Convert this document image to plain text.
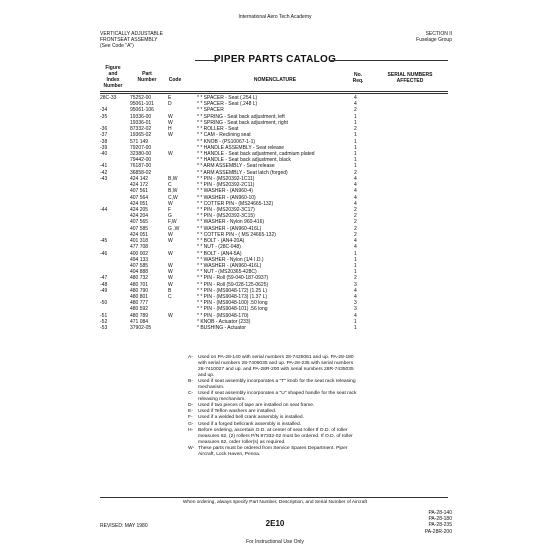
International Aero Tech Academy
VERTICALLY ADJUSTABLE
FRONTSEAT ASSEMBLY
(See Code "A")
SECTION II
Fuselage Group
PIPER PARTS CATALOG
Figure
and
Index
Number
Part
Number	Code	NOMENCLATURE
No.
Req.
SERIAL NUMBERS
AFFECTED
28C-33	75252-00	E	* * SPACER - Seat (.254 L)	4
95061-101	D	* * SPACER - Seat (.248 L)	4
-34	95061-106	* * SPACER	2
-35	19336-00	W	* * SPRING - Seat back adjustment, left	1
19336-01	W	* * SPRING - Seat back adjustment, right	1
-36	87332-02	H	* * ROLLER - Seat	2
-37	19365-02	W	* * CAM - Reclining seat	1
-38	571 149	* * KNOB - (PS10067-1-1)	1
-39	79207-00	* * HANDLE ASSEMBLY - Seat release	1
-40	32380-00	W	* * HANDLE - Seat back adjustment, cadmium plated	1
79442-00	* * HANDLE - Seat back adjustment, black	1
-41	76187-00	* * ARM ASSEMBLY - Seat release	1
-42	36858-02	* * ARM ASSEMBLY - Seat latch (forged)	2
-43	424 142	B,W	* * PIN - (MS20392-1C11)	4
424 172	C	* * PIN - (MS20392-2C11)	4
407 561	B,W	* * WASHER - (AN960-4)	4
407 564	C,W	* * WASHER - (AN960-10)	4
424 051	W	* * COTTER PIN - (MS24665-132)	4
-44	424 205	F	* * PIN - (MS20392-3C17)	2
424 204	G	* * PIN - (MS20392-3C15)	2
407 565	F,W	* * WASHER - Nylon 960-416)	2
407 585	G ,W	* * WASHER - (AN960-416L)	2
424 051	W	* * COTTER PIN - ( MS 24665-132)	2
-45	401 318	W	* * BOLT - (AN4-20A)	4
477 708	* * NUT - (28C-048)	4
-46	400 002	W	* * BOLT - (AN4-5A)	1
494 133	* * WASHER - Nylon (1/4 I.D.)	1
407 585	W	* * WASHER - (AN960-416L)	1
404 888	W	* * NUT - (MS20365-428C)	1
-47	480 732	W	* * PIN - Roll (59-040-187-0937)	2
-48	480 701	W	* * PIN - Roll (59-028-125-0625)	3
-49	480 790	B	* * PIN - (MS9048-172) (1.25 L)	4
480 801	C	* * PIN - (MS9048-173) (1.37 L)	4
-50	480 777	* * PIN - (MS9048-100) .50 long	3
480 592	* * PIN - (MS9048-101) .56 long	3
-51	480 789	W	* * PIN - (MS9048-170)	4
-52	471 084	* KNOB - Actuator (233)	1
-53	37902-05	* BUSHING - Actuator	1
A- Used on PA-28-140 with serial numbers 28-7425061 and up. PA-28-180 with serial numbers 28-7405035 and up. PA-28-235 with serial numbers 28-7410027 and up. and PA-28R-200 with serial numbers 28R-7435035 and up.
B- Used if seat assembly incorporates a "T" knob for the seat rack releasing mechanism.
C- Used if seat assembly incorporates a "U" shaped handle for the seat rack releasing mechanism.
D- Used if two pieces of tape are installed on seat frame.
E- Used if Teflon washers are installed.
F- Used if a welded bell crank assembly is installed.
G- Used if a forged bellcrank assembly is installed.
H- Before ordering, ascertain O.D. at center of seat roller If O.D. of roller measures 62, (2) rollers P/N 87332-02 must be ordered. If O.D. of roller measures 62, order roller(s) as required.
W- These parts must be ordered from Service Spares Department. Piper Aircraft, Lock Haven, Penna.
When ordering, always specify Part Number, Description, and Serial Number of Aircraft
REVISED: MAY 1980	2E10
PA-28-140
PA-28-180
PA-28-235
PA-28R-200
For Instructional Use Only
